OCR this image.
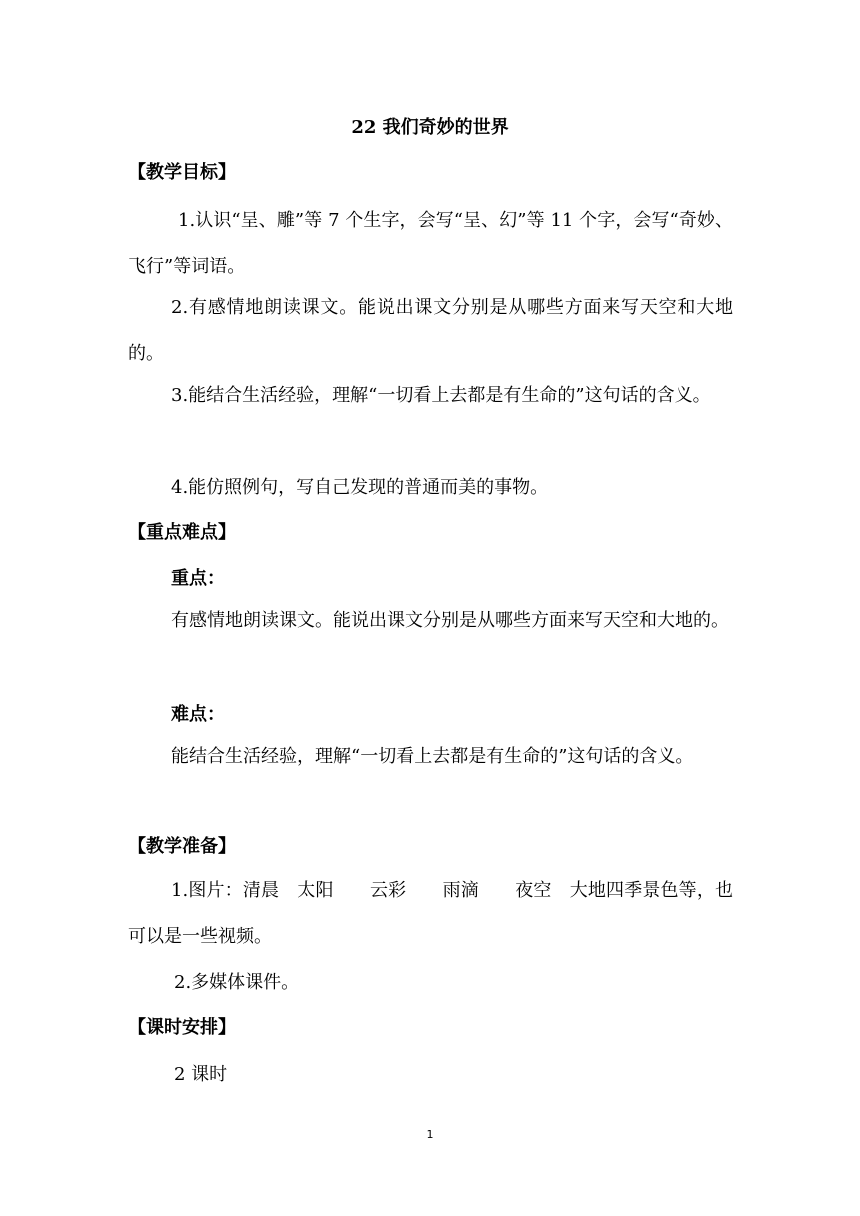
22 我们奇妙的世界
【教学目标】
1.认识“呈、雕”等 7 个生字，会写“呈、幻”等 11 个字，会写“奇妙、飞行”等词语。
2.有感情地朗读课文。能说出课文分别是从哪些方面来写天空和大地的。
3.能结合生活经验，理解“一切看上去都是有生命的”这句话的含义。
4.能仿照例句，写自己发现的普通而美的事物。
【重点难点】
重点：
有感情地朗读课文。能说出课文分别是从哪些方面来写天空和大地的。
难点：
能结合生活经验，理解“一切看上去都是有生命的”这句话的含义。
【教学准备】
1.图片：清晨　太阳　　云彩　　雨滴　　夜空　大地四季景色等，也可以是一些视频。
2.多媒体课件。
【课时安排】
2 课时
1
